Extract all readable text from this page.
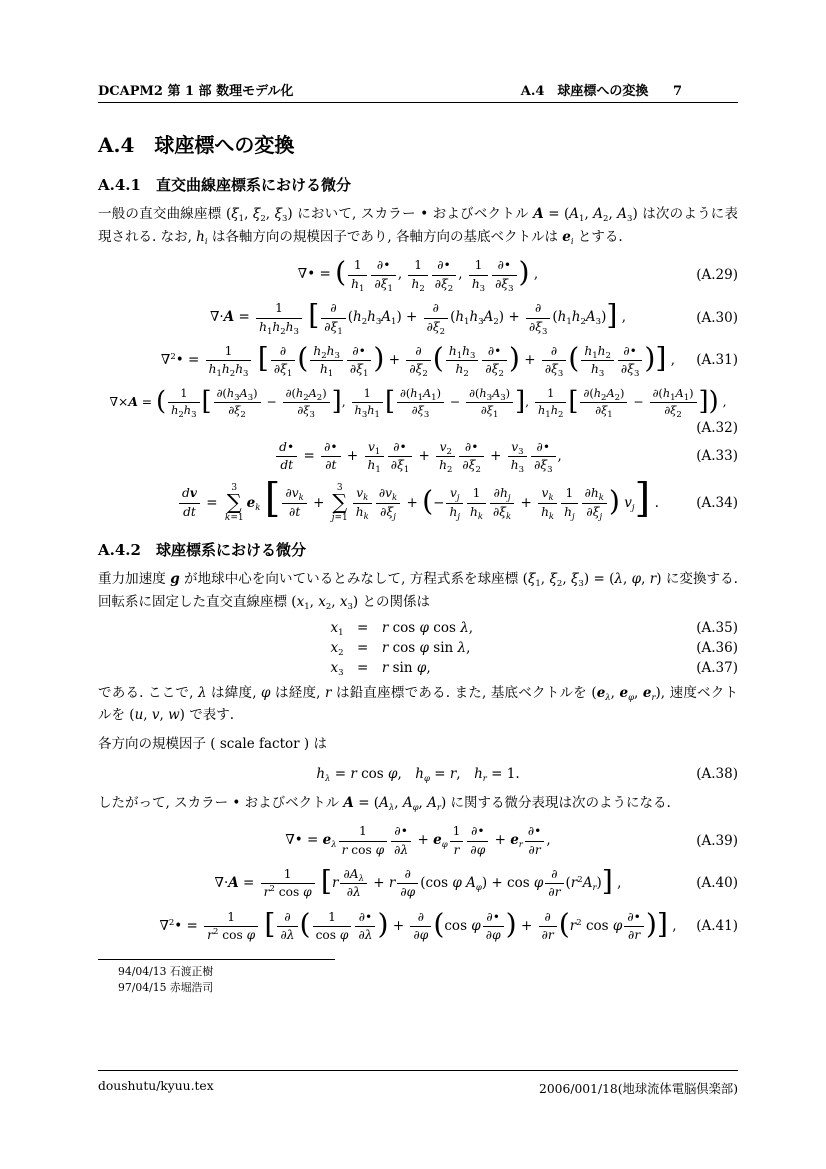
DCAPM2 第 1 部 数理モデル化	A.4　球座標への変換 7
A.4　球座標への変換
A.4.1　直交曲線座標系における微分

一般の直交曲線座標 ($\xi_1$, $\xi_2$, $\xi_3$) において, スカラー • およびベクトル $A = (A_1$, $A_2$, $A_3$) は次のように表現される. なお, $h_i$ は各軸方向の規模因子であり, 各軸方向の基底ベクトルは $e_i$ とする.

∇• = ( $\frac{1}{h_1}$ ∂•
$\partial\xi_1$
, $\frac{1}{h_2}$ ∂•
$\partial\xi_2$
, $\frac{1}{h_3}$ ∂•
$\partial\xi_3$ ) ,	(A.29)
$\nabla\cdot A = \frac{1}{h_1h_2h_3}$ [ ∂
$\partial\xi_1$
$(h_2h_3A_1)$ +
∂
$\partial\xi_2$
$(h_1h_3A_2)$ +
∂
$\partial\xi_3$
$(h_1h_2A_3)$] ,	(A.30)
∇$^2$• = $\frac{1}{h_1h_2h_3}$ [ ∂
$\partial\xi_1$ ( $\frac{h_2h_3}{h_1}$ ∂•
$\partial\xi_1$ ) +
∂
$\partial\xi_2$ ( $\frac{h_1h_3}{h_2}$ ∂•
$\partial\xi_2$ ) +
∂
$\partial\xi_3$ ( $\frac{h_1h_2}{h_3}$ ∂•
$\partial\xi_3$ )] , (A.31)
∇×A = ( $\frac{1}{h_2h_3}$ [ $\frac{\partial(h_3A_3)}{\partial\xi_2} - \frac{\partial(h_2A_2)}{\partial\xi_3}$ ], $\frac{1}{h_3h_1}$ [ $\frac{\partial(h_1A_1)}{\partial\xi_3} - \frac{\partial(h_3A_3)}{\partial\xi_1}$ ], $\frac{1}{h_1h_2}$ [ $\frac{\partial(h_2A_2)}{\partial\xi_1} - \frac{\partial(h_1A_1)}{\partial\xi_2}$ ]) ,
(A.32)
$\frac{d•}{dt}$ =
∂•
∂t
+ $\frac{v_1}{h_1}$ ∂•
$\partial\xi_1$
+ $\frac{v_2}{h_2}$ ∂•
$\partial\xi_2$
+ $\frac{v_3}{h_3}$ ∂•
$\partial\xi_3$
,	(A.33)
$\frac{dv}{dt}$ =
3
∑
k=1
$e_k$ [ $\frac{\partial v_k}{\partial t}$ +
3
∑
$j=1 \frac{v_k}{h_k} \frac{\partial v_k}{\partial\xi_j}$ + (− $\frac{v_j}{h_j} \frac{1}{h_k} \frac{\partial h_j}{\partial\xi_k} + \frac{v_k}{h_k} \frac{1}{h_j} \frac{\partial h_k}{\partial\xi_j}$ ) $v_j$] .	(A.34)
A.4.2　球座標系における微分

重力加速度 g が地球中心を向いているとみなして, 方程式系を球座標 ($\xi_1$, $\xi_2$, $\xi_3) = (\lambda$, φ, r) に変換する. 回転系に固定した直交直線座標 ($x_1$, $x_2$, $x_3$) との関係は

$x_1$  =  r cos φ cos λ,	(A.35)
$x_2$  =  r cos φ sin λ,	(A.36)
$x_3$  =  r sin φ,	(A.37)

である. ここで, λ は緯度, φ は経度, r は鉛直座標である. また, 基底ベクトルを ($e_\lambda$, $e_\varphi$, $e_r$), 速度ベクトルを (u, v, w) で表す.

各方向の規模因子 ( scale factor ) は

$h_\lambda = r$ cos φ, $h_\varphi = r$, $h_r = 1$.	(A.38)

したがって, スカラー • およびベクトル $A = (A_\lambda$, $A_\varphi$, $A_r$) に関する微分表現は次のようになる.

∇• = $e_\lambda \frac{1}{\text{r cos φ}}$ ∂•
∂λ
+ $e_\varphi \frac{1}{r}$ ∂•
∂φ
+ $e_r$
∂•
∂r
,	(A.39)
$\nabla\cdot A = \frac{1}{r^2 \cos \varphi} [r \frac{\partial A_\lambda}{\partial\lambda} + r$
∂
∂φ
(cos φ $A_\varphi) + \cos \varphi$
∂
∂r
$(r^2A_r)$] ,	(A.40)
∇$^2$• = $\frac{1}{r^2 \cos \varphi}$ [ ∂
∂λ ( $\frac{1}{\text{cos φ}}$ ∂•
∂λ ) +
∂
∂φ (cos φ
∂•
∂φ ) +
∂
∂r ($r^2$ cos φ
∂•
∂r )] , (A.41)
94/04/13 石渡正樹
97/04/15 赤堀浩司
doushutu/kyuu.tex	2006/001/18(地球流体電脳倶楽部)
